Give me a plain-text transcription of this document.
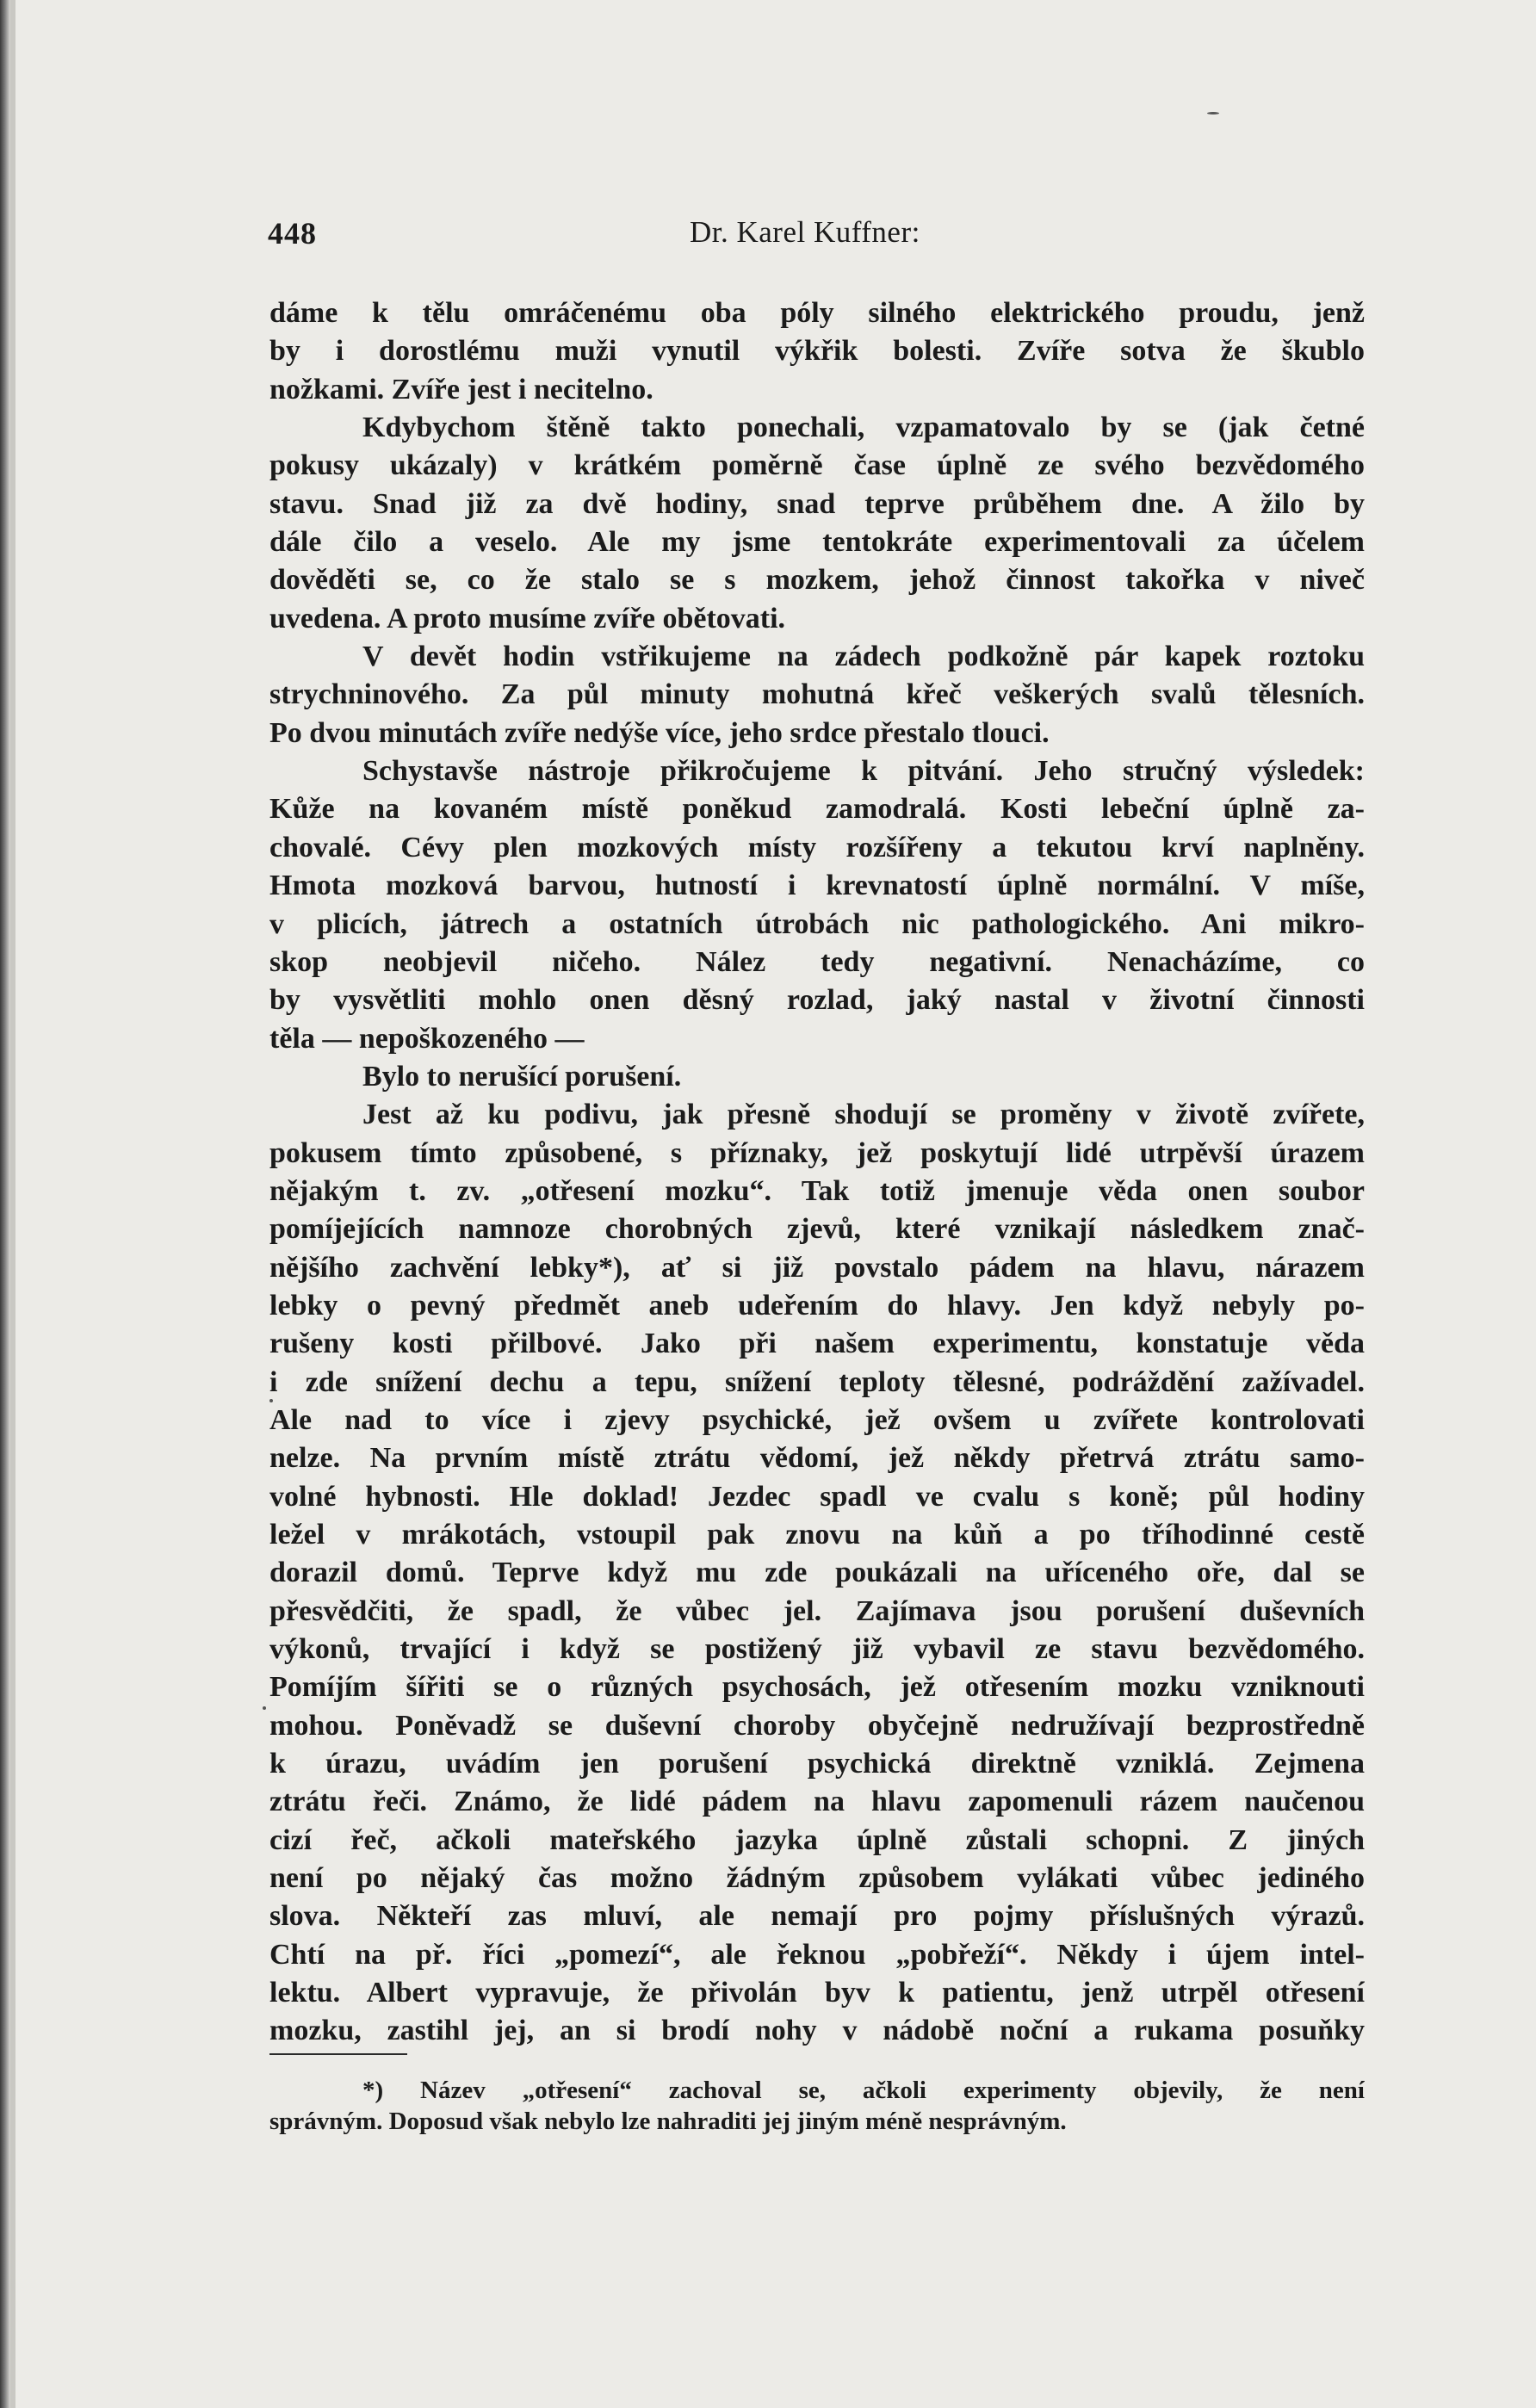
448	Dr. Karel Kuffner:
dáme k tělu omráčenému oba póly silného elektrického proudu, jenž
by i dorostlému muži vynutil výkřik bolesti. Zvíře sotva že škublo
nožkami. Zvíře jest i necitelno.
Kdybychom štěně takto ponechali, vzpamatovalo by se (jak četné
pokusy ukázaly) v krátkém poměrně čase úplně ze svého bezvědomého
stavu. Snad již za dvě hodiny, snad teprve průběhem dne. A žilo by
dále čilo a veselo. Ale my jsme tentokráte experimentovali za účelem
dověděti se, co že stalo se s mozkem, jehož činnost takořka v niveč
uvedena. A proto musíme zvíře obětovati.
V devět hodin vstřikujeme na zádech podkožně pár kapek roztoku
strychninového. Za půl minuty mohutná křeč veškerých svalů tělesních.
Po dvou minutách zvíře nedýše více, jeho srdce přestalo tlouci.
Schystavše nástroje přikročujeme k pitvání. Jeho stručný výsledek:
Kůže na kovaném místě poněkud zamodralá. Kosti lebeční úplně za-
chovalé. Cévy plen mozkových místy rozšířeny a tekutou krví naplněny.
Hmota mozková barvou, hutností i krevnatostí úplně normální. V míše,
v plicích, játrech a ostatních útrobách nic pathologického. Ani mikro-
skop neobjevil ničeho. Nález tedy negativní. Nenacházíme, co
by vysvětliti mohlo onen děsný rozlad, jaký nastal v životní činnosti
těla — nepoškozeného —
Bylo to nerušící porušení.
Jest až ku podivu, jak přesně shodují se proměny v životě zvířete,
pokusem tímto způsobené, s příznaky, jež poskytují lidé utrpěvší úrazem
nějakým t. zv. „otřesení mozku“. Tak totiž jmenuje věda onen soubor
pomíjejících namnoze chorobných zjevů, které vznikají následkem znač-
nějšího zachvění lebky*), ať si již povstalo pádem na hlavu, nárazem
lebky o pevný předmět aneb udeřením do hlavy. Jen když nebyly po-
rušeny kosti přilbové. Jako při našem experimentu, konstatuje věda
i zde snížení dechu a tepu, snížení teploty tělesné, podráždění zažívadel.
Ale nad to více i zjevy psychické, jež ovšem u zvířete kontrolovati
nelze. Na prvním místě ztrátu vědomí, jež někdy přetrvá ztrátu samo-
volné hybnosti. Hle doklad! Jezdec spadl ve cvalu s koně; půl hodiny
ležel v mrákotách, vstoupil pak znovu na kůň a po tříhodinné cestě
dorazil domů. Teprve když mu zde poukázali na uříceného oře, dal se
přesvědčiti, že spadl, že vůbec jel. Zajímava jsou porušení duševních
výkonů, trvající i když se postižený již vybavil ze stavu bezvědomého.
Pomíjím šířiti se o různých psychosách, jež otřesením mozku vzniknouti
mohou. Poněvadž se duševní choroby obyčejně nedružívají bezprostředně
k úrazu, uvádím jen porušení psychická direktně vzniklá. Zejmena
ztrátu řeči. Známo, že lidé pádem na hlavu zapomenuli rázem naučenou
cizí řeč, ačkoli mateřského jazyka úplně zůstali schopni. Z jiných
není po nějaký čas možno žádným způsobem vylákati vůbec jediného
slova. Někteří zas mluví, ale nemají pro pojmy příslušných výrazů.
Chtí na př. říci „pomezí“, ale řeknou „pobřeží“. Někdy i újem intel-
lektu. Albert vypravuje, že přivolán byv k patientu, jenž utrpěl otřesení
mozku, zastihl jej, an si brodí nohy v nádobě noční a rukama posuňky
*) Název „otřesení“ zachoval se, ačkoli experimenty objevily, že není
správným. Doposud však nebylo lze nahraditi jej jiným méně nesprávným.
